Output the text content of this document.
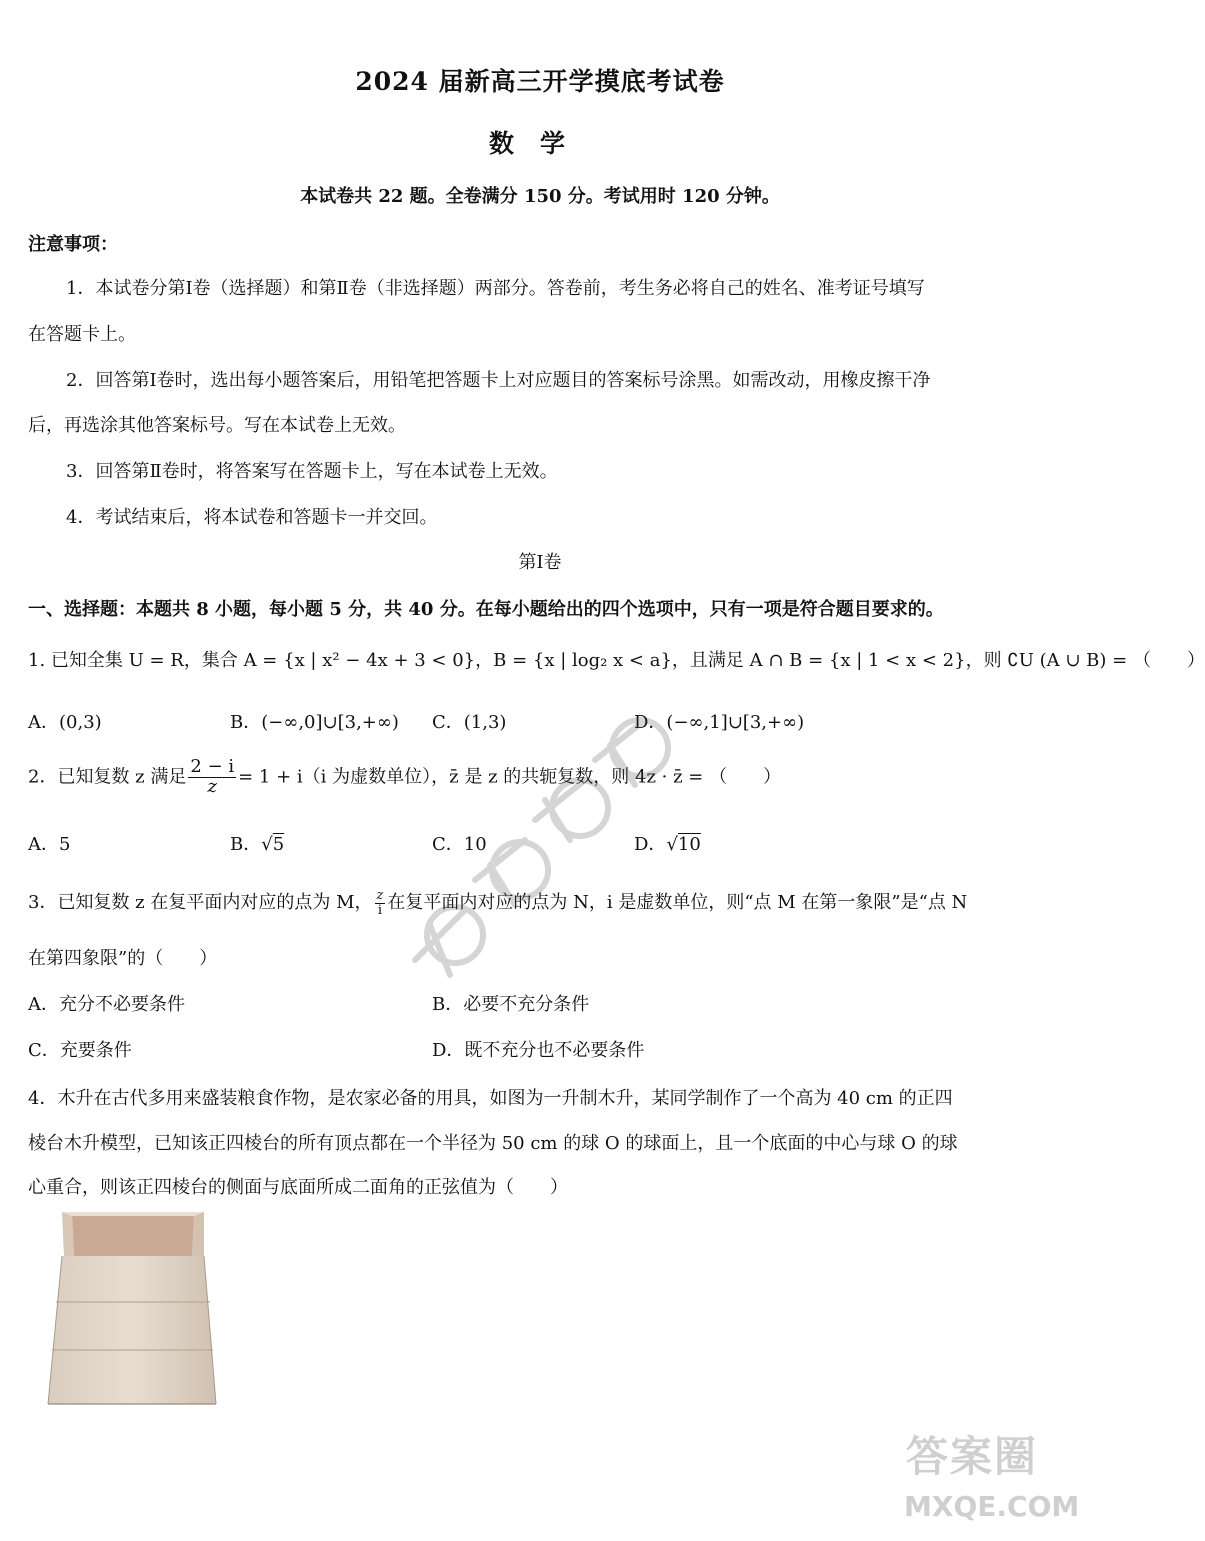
2024 届新高三开学摸底考试卷
数学
本试卷共 22 题。全卷满分 150 分。考试用时 120 分钟。
注意事项：
1．本试卷分第Ⅰ卷（选择题）和第Ⅱ卷（非选择题）两部分。答卷前，考生务必将自己的姓名、准考证号填写
在答题卡上。
2．回答第Ⅰ卷时，选出每小题答案后，用铅笔把答题卡上对应题目的答案标号涂黑。如需改动，用橡皮擦干净
后，再选涂其他答案标号。写在本试卷上无效。
3．回答第Ⅱ卷时，将答案写在答题卡上，写在本试卷上无效。
4．考试结束后，将本试卷和答题卡一并交回。
第Ⅰ卷
一、选择题：本题共 8 小题，每小题 5 分，共 40 分。在每小题给出的四个选项中，只有一项是符合题目要求的。
1. 已知全集 U = R，集合 A = {x | x² − 4x + 3 < 0}，B = {x | log₂ x < a}，且满足 A ∩ B = {x | 1 < x < 2}，则 ∁U (A ∪ B) = （　　）
A．(0,3)	B．(−∞,0]∪[3,+∞) C．(1,3)	D．(−∞,1]∪[3,+∞)
2．已知复数 z 满足 $\frac{2 - i}{z} = 1 + i(i$ 为虚数单位），z̄ 是 z 的共轭复数，则 4z · z̄ = （　　）
A．5	B．√5	C．10	D．√10
3．已知复数 z 在复平面内对应的点为 M， $\frac{z}{i}$ 在复平面内对应的点为 N，i 是虚数单位，则“点 M 在第一象限”是“点 N
在第四象限”的（　　）
A．充分不必要条件	B．必要不充分条件
C．充要条件	D．既不充分也不必要条件
4．木升在古代多用来盛装粮食作物，是农家必备的用具，如图为一升制木升，某同学制作了一个高为 40 cm 的正四
棱台木升模型，已知该正四棱台的所有顶点都在一个半径为 50 cm 的球 O 的球面上，且一个底面的中心与球 O 的球
心重合，则该正四棱台的侧面与底面所成二面角的正弦值为（　　）
答案圈
MXQE.COM
